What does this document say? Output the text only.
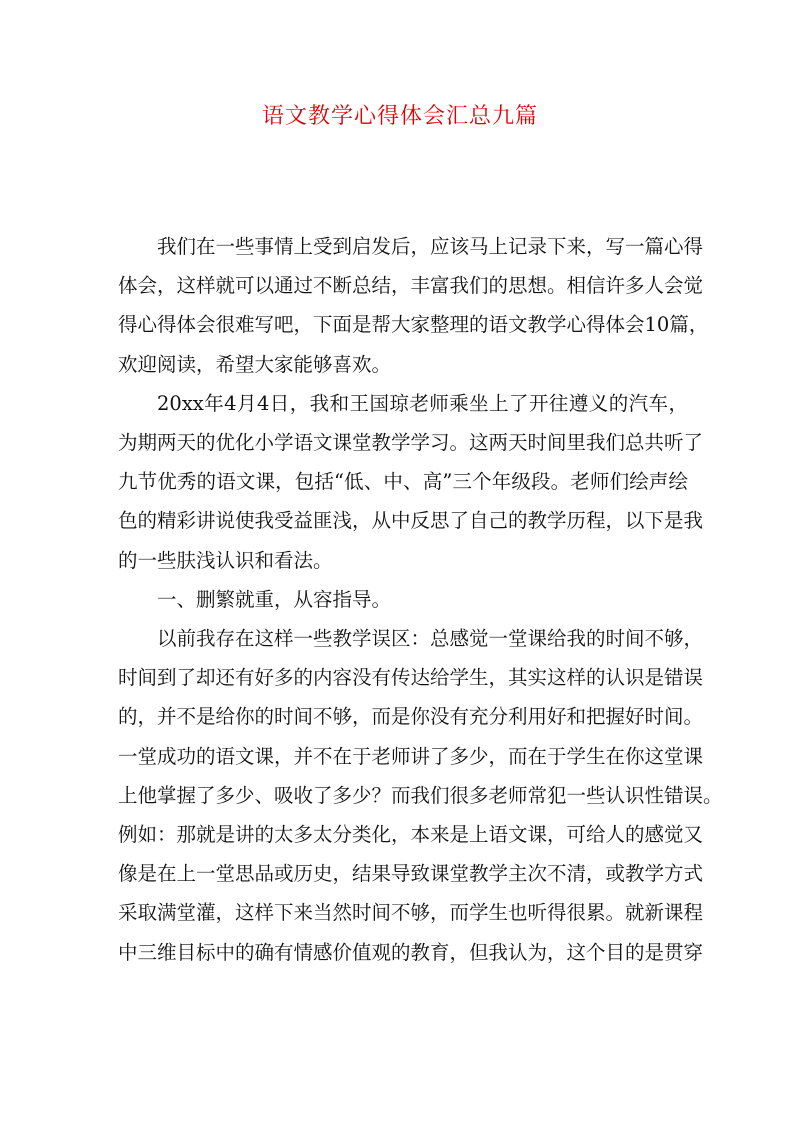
语文教学心得体会汇总九篇

我们在一些事情上受到启发后，应该马上记录下来，写一篇心得
体会，这样就可以通过不断总结，丰富我们的思想。相信许多人会觉
得心得体会很难写吧，下面是帮大家整理的语文教学心得体会10篇，
欢迎阅读，希望大家能够喜欢。

20xx年4月4日，我和王国琼老师乘坐上了开往遵义的汽车，
为期两天的优化小学语文课堂教学学习。这两天时间里我们总共听了
九节优秀的语文课，包括“低、中、高”三个年级段。老师们绘声绘
色的精彩讲说使我受益匪浅，从中反思了自己的教学历程，以下是我
的一些肤浅认识和看法。

一、删繁就重，从容指导。

以前我存在这样一些教学误区：总感觉一堂课给我的时间不够，
时间到了却还有好多的内容没有传达给学生，其实这样的认识是错误
的，并不是给你的时间不够，而是你没有充分利用好和把握好时间。
一堂成功的语文课，并不在于老师讲了多少，而在于学生在你这堂课
上他掌握了多少、吸收了多少？而我们很多老师常犯一些认识性错误。
例如：那就是讲的太多太分类化，本来是上语文课，可给人的感觉又
像是在上一堂思品或历史，结果导致课堂教学主次不清，或教学方式
采取满堂灌，这样下来当然时间不够，而学生也听得很累。就新课程
中三维目标中的确有情感价值观的教育，但我认为，这个目的是贯穿
